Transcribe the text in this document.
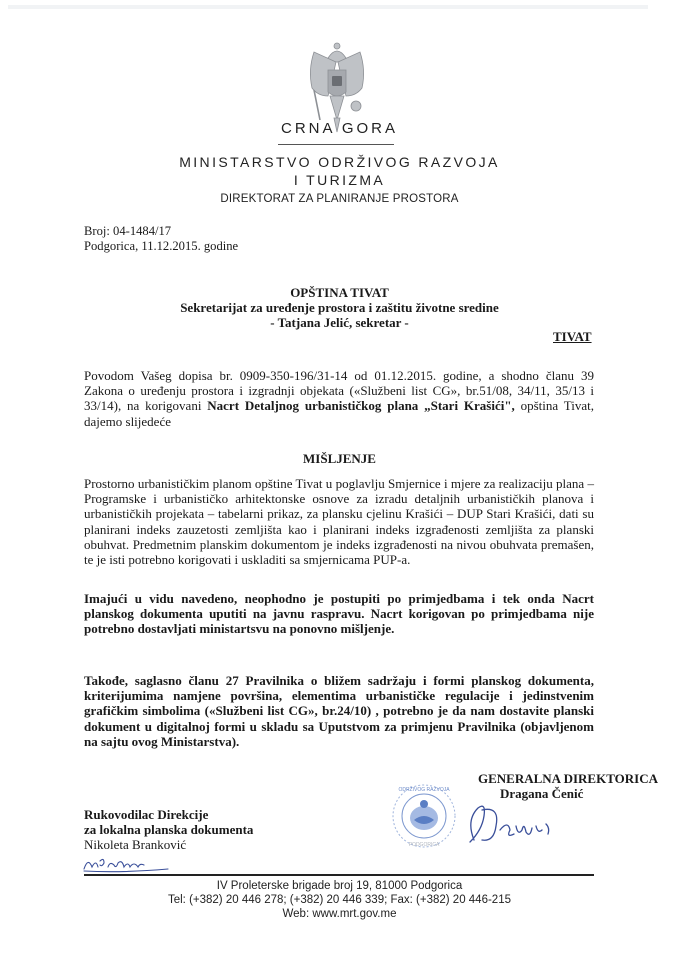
CRNA GORA
MINISTARSTVO ODRŽIVOG RAZVOJA
I TURIZMA
DIREKTORAT ZA PLANIRANJE PROSTORA
Broj: 04-1484/17
Podgorica, 11.12.2015. godine
OPŠTINA TIVAT
Sekretarijat za uređenje prostora i zaštitu životne sredine
- Tatjana Jelić, sekretar -
TIVAT
Povodom Vašeg dopisa br. 0909-350-196/31-14 od 01.12.2015. godine, a shodno članu 39 Zakona o uređenju prostora i izgradnji objekata («Službeni list CG», br.51/08, 34/11, 35/13 i 33/14), na korigovani Nacrt Detaljnog urbanističkog plana „Stari Krašići", opština Tivat, dajemo slijedeće
MIŠLJENJE
Prostorno urbanističkim planom opštine Tivat u poglavlju Smjernice i mjere za realizaciju plana – Programske i urbanističko arhitektonske osnove za izradu detaljnih urbanističkih planova i urbanističkih projekata – tabelarni prikaz, za plansku cjelinu Krašići – DUP Stari Krašići, dati su planirani indeks zauzetosti zemljišta kao i planirani indeks izgrađenosti zemljišta za planski obuhvat. Predmetnim planskim dokumentom je indeks izgrađenosti na nivou obuhvata premašen, te je isti potrebno korigovati i uskladiti sa smjernicama PUP-a.
Imajući u vidu navedeno, neophodno je postupiti po primjedbama i tek onda Nacrt planskog dokumenta uputiti na javnu raspravu. Nacrt korigovan po primjedbama nije potrebno dostavljati ministartsvu na ponovno mišljenje.
Takođe, saglasno članu 27 Pravilnika o bližem sadržaju i formi planskog dokumenta, kriterijumima namjene površina, elementima urbanističke regulacije i jedinstvenim grafičkim simbolima («Službeni list CG», br.24/10) , potrebno je da nam dostavite planski dokument u digitalnoj formi u skladu sa Uputstvom za primjenu Pravilnika (objavljenom na sajtu ovog Ministarstva).
GENERALNA DIREKTORICA
Dragana Čenić
ODRŽIVOG RAZVOJA
PODGORICA
Rukovodilac Direkcije
za lokalna planska dokumenta
Nikoleta Branković
IV Proleterske brigade broj 19, 81000 Podgorica
Tel: (+382) 20 446 278; (+382) 20 446 339; Fax: (+382) 20 446-215
Web: www.mrt.gov.me
